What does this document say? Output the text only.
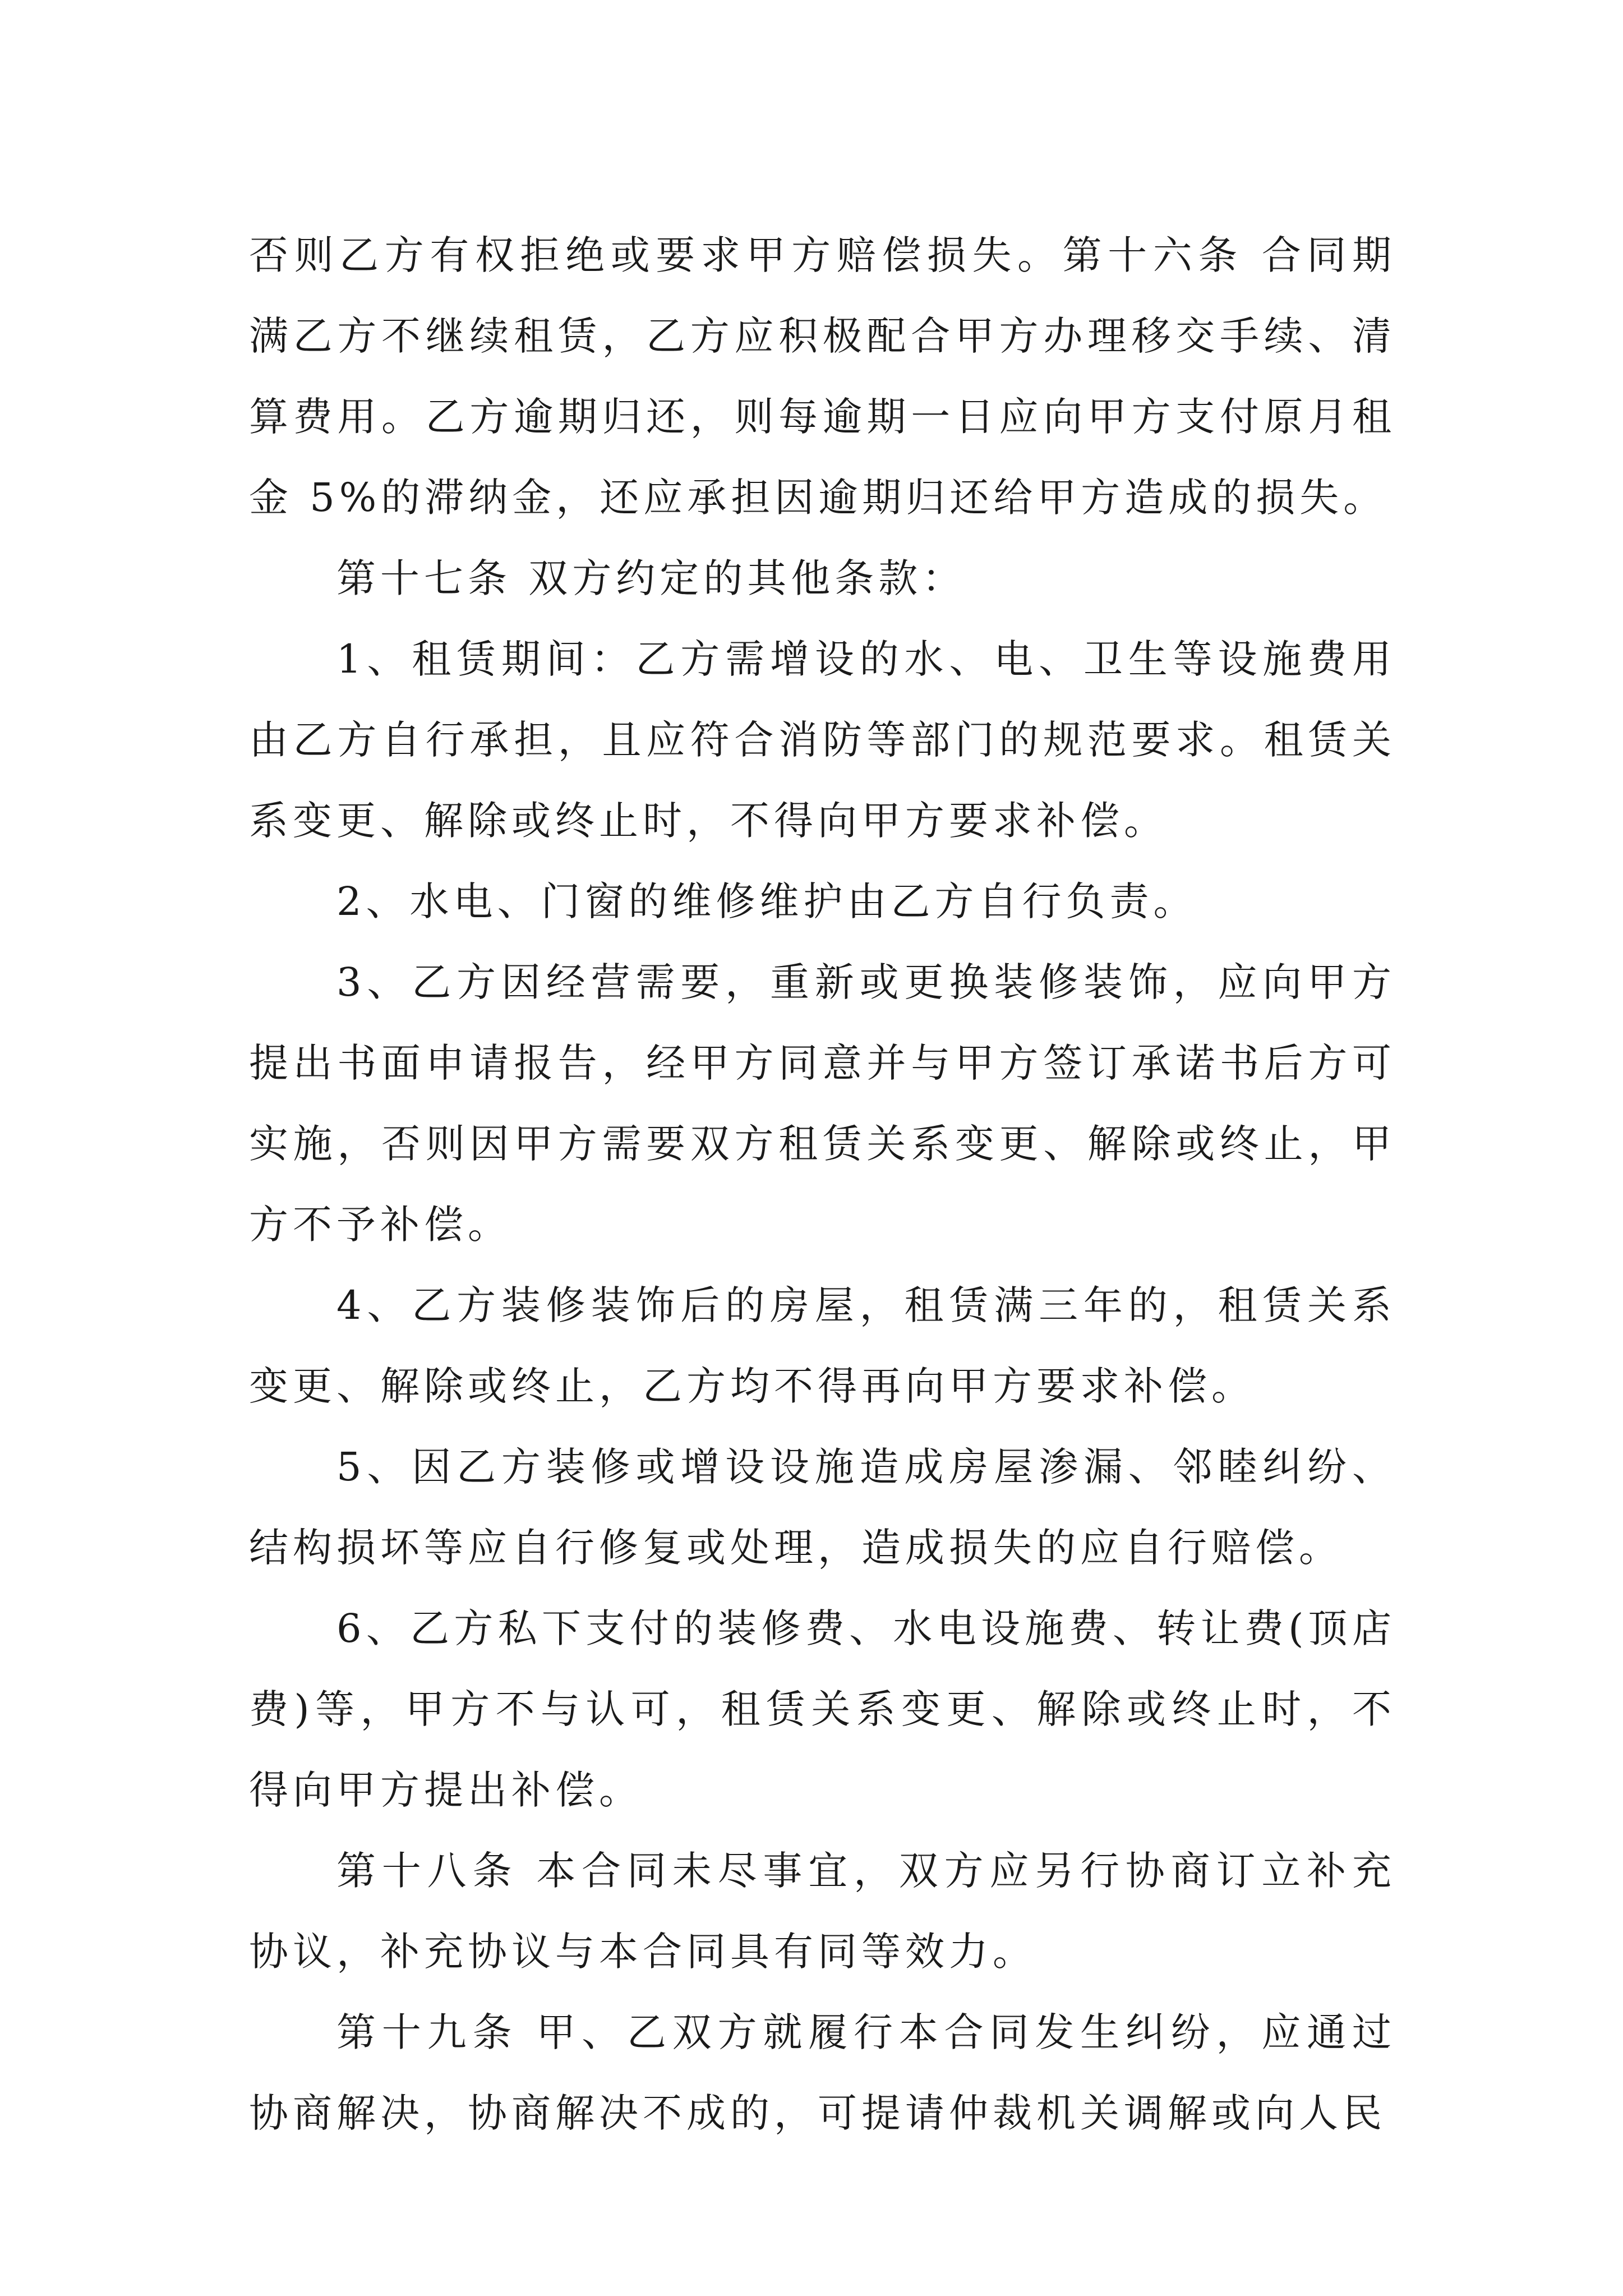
否则乙方有权拒绝或要求甲方赔偿损失。第十六条 合同期满乙方不继续租赁，乙方应积极配合甲方办理移交手续、清算费用。乙方逾期归还，则每逾期一日应向甲方支付原月租金 5%的滞纳金，还应承担因逾期归还给甲方造成的损失。

第十七条 双方约定的其他条款：

1、租赁期间：乙方需增设的水、电、卫生等设施费用由乙方自行承担，且应符合消防等部门的规范要求。租赁关系变更、解除或终止时，不得向甲方要求补偿。

2、水电、门窗的维修维护由乙方自行负责。

3、乙方因经营需要，重新或更换装修装饰，应向甲方提出书面申请报告，经甲方同意并与甲方签订承诺书后方可实施，否则因甲方需要双方租赁关系变更、解除或终止，甲方不予补偿。

4、乙方装修装饰后的房屋，租赁满三年的，租赁关系变更、解除或终止，乙方均不得再向甲方要求补偿。

5、因乙方装修或增设设施造成房屋渗漏、邻睦纠纷、结构损坏等应自行修复或处理，造成损失的应自行赔偿。

6、乙方私下支付的装修费、水电设施费、转让费(顶店费)等，甲方不与认可，租赁关系变更、解除或终止时，不得向甲方提出补偿。

第十八条 本合同未尽事宜，双方应另行协商订立补充协议，补充协议与本合同具有同等效力。

第十九条 甲、乙双方就履行本合同发生纠纷，应通过协商解决，协商解决不成的，可提请仲裁机关调解或向人民
